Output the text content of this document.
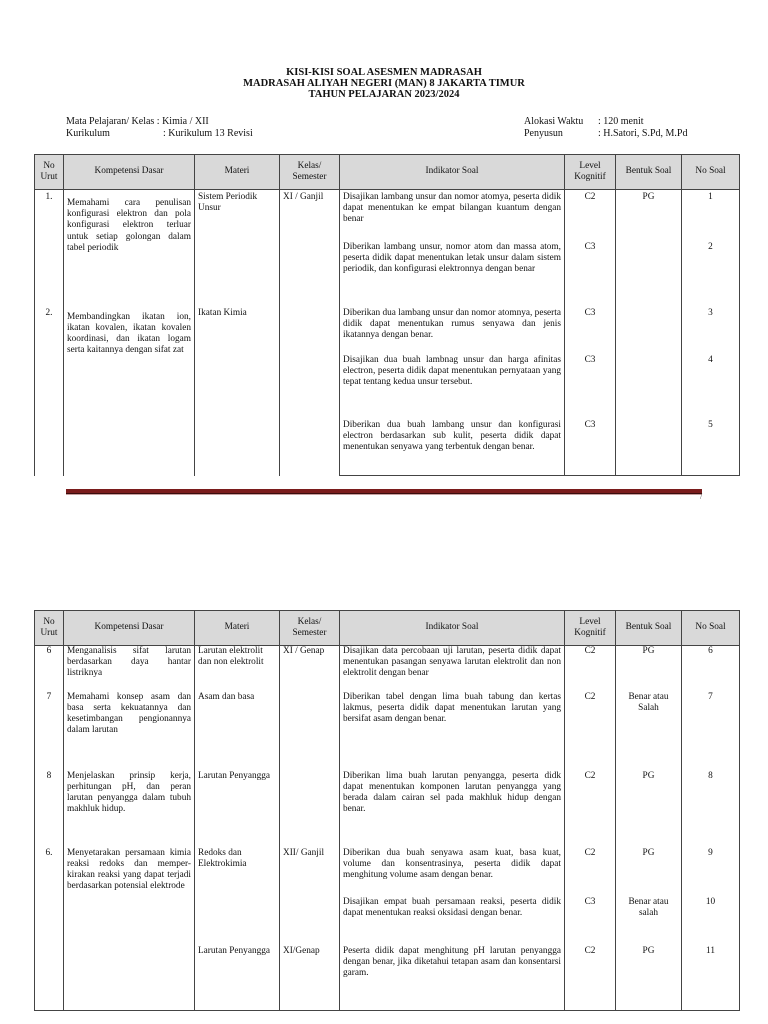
KISI-KISI SOAL ASESMEN MADRASAH
MADRASAH ALIYAH NEGERI (MAN) 8 JAKARTA TIMUR
TAHUN PELAJARAN 2023/2024
Mata Pelajaran/ Kelas : Kimia / XII
Kurikulum	: Kurikulum 13 Revisi
Alokasi Waktu : 120 menit
Penyusun	: H.Satori, S.Pd, M.Pd
No Urut	Kompetensi Dasar	Materi	Kelas/ Semester	Indikator Soal	Level Kognitif	Bentuk Soal	No Soal
1.	Memahami cara penulisan konfigurasi elektron dan pola konfigurasi elektron terluar untuk setiap golongan dalam tabel periodik	Sistem Periodik Unsur	XI / Ganjil	Disajikan lambang unsur dan nomor atomya, peserta didik dapat menentukan ke empat bilangan kuantum dengan benar	C2	PG	1
				Diberikan lambang unsur, nomor atom dan massa atom, peserta didik dapat menentukan letak unsur dalam sistem periodik, dan konfigurasi elektronnya dengan benar	C3		2
2.	Membandingkan ikatan ion, ikatan kovalen, ikatan kovalen koordinasi, dan ikatan logam serta kaitannya dengan sifat zat	Ikatan Kimia		Diberikan dua lambang unsur dan nomor atomnya, peserta didik dapat menentukan rumus senyawa dan jenis ikatannya dengan benar.	C3		3
				Disajikan dua buah lambnag unsur dan harga afinitas electron, peserta didik dapat menentukan pernyataan yang tepat tentang kedua unsur tersebut.	C3		4
				Diberikan dua buah lambang unsur dan konfigurasi electron berdasarkan sub kulit, peserta didik dapat menentukan senyawa yang terbentuk dengan benar.	C3		5
/
No Urut	Kompetensi Dasar	Materi	Kelas/ Semester	Indikator Soal	Level Kognitif	Bentuk Soal	No Soal
6	Menganalisis sifat larutan berdasarkan daya hantar listriknya	Larutan elektrolit dan non elektrolit	XI / Genap	Disajikan data percobaan uji larutan, peserta didik dapat menentukan pasangan senyawa larutan elektrolit dan non elektrolit dengan benar	C2	PG	6
7	Memahami konsep asam dan basa serta kekuatannya dan kesetimbangan pengionannya dalam larutan	Asam dan basa		Diberikan tabel dengan lima buah tabung dan kertas lakmus, peserta didik dapat menentukan larutan yang bersifat asam dengan benar.	C2	Benar atau Salah	7
8	Menjelaskan prinsip kerja, perhitungan pH, dan peran larutan penyangga dalam tubuh makhluk hidup.	Larutan Penyangga		Diberikan lima buah larutan penyangga, peserta didk dapat menentukan komponen larutan penyangga yang berada dalam cairan sel pada makhluk hidup dengan benar.	C2	PG	8
6.	Menyetarakan persamaan kimia reaksi redoks dan memper-kirakan reaksi yang dapat terjadi berdasarkan potensial elektrode	Redoks dan Elektrokimia	XII/ Ganjil	Diberikan dua buah senyawa asam kuat, basa kuat, volume dan konsentrasinya, peserta didik dapat menghitung volume asam dengan benar.	C2	PG	9
				Disajikan empat buah persamaan reaksi, peserta didik dapat menentukan reaksi oksidasi dengan benar.	C3	Benar atau salah	10
		Larutan Penyangga	XI/Genap	Peserta didik dapat menghitung pH larutan penyangga dengan benar, jika diketahui tetapan asam dan konsentarsi garam.	C2	PG	11
